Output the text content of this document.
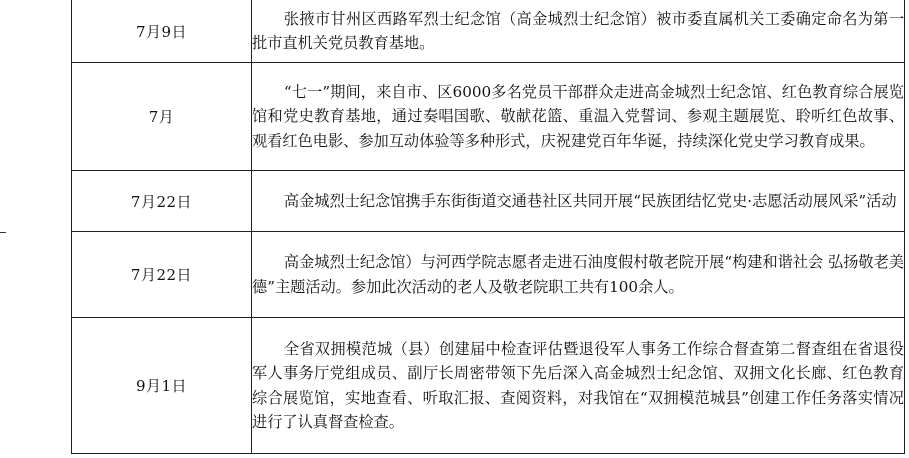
7月9日	张掖市甘州区西路军烈士纪念馆（高金城烈士纪念馆）被市委直属机关工委确定命名为第一批市直机关党员教育基地。

7月	“七一”期间，来自市、区6000多名党员干部群众走进高金城烈士纪念馆、红色教育综合展览馆和党史教育基地，通过奏唱国歌、敬献花篮、重温入党誓词、参观主题展览、聆听红色故事、观看红色电影、参加互动体验等多种形式，庆祝建党百年华诞，持续深化党史学习教育成果。

7月22日	高金城烈士纪念馆携手东街街道交通巷社区共同开展“民族团结忆党史·志愿活动展风采”活动

7月22日	高金城烈士纪念馆）与河西学院志愿者走进石油度假村敬老院开展“构建和谐社会 弘扬敬老美德”主题活动。参加此次活动的老人及敬老院职工共有100余人。

9月1日	全省双拥模范城（县）创建届中检查评估暨退役军人事务工作综合督查第二督查组在省退役军人事务厅党组成员、副厅长周密带领下先后深入高金城烈士纪念馆、双拥文化长廊、红色教育综合展览馆，实地查看、听取汇报、查阅资料，对我馆在“双拥模范城县”创建工作任务落实情况进行了认真督查检查。
